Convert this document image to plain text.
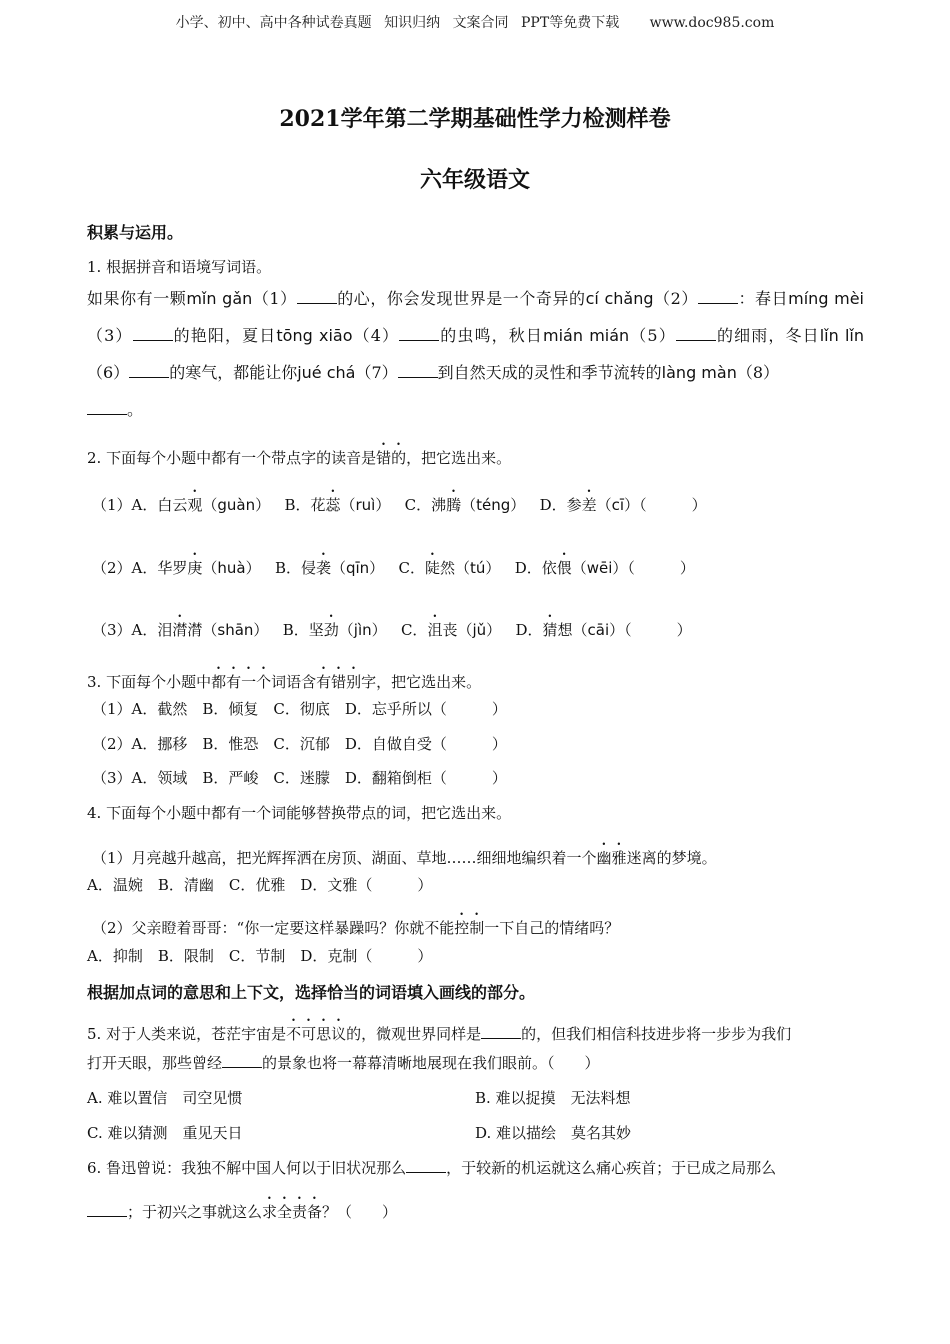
小学、初中、高中各种试卷真题 知识归纳 文案合同 PPT等免费下载 www.doc985.com
2021学年第二学期基础性学力检测样卷
六年级语文
积累与运用。
1. 根据拼音和语境写词语。
如果你有一颗mǐn gǎn（1）	的心，你会发现世界是一个奇异的cí chǎng（2）	：春日míng mèi（3）	的艳阳，夏日tōng xiāo（4）	的虫鸣，秋日mián mián（5）	的细雨，冬日lǐn lǐn（6）	的寒气，都能让你jué chá（7）	到自然天成的灵性和季节流转的làng màn（8）
。
2. 下面每个小题中都有一个带点字的读音是错的，把它选出来。
（1）A．白云观（guàn） B．花蕊（ruì） C．沸腾（téng） D．参差（cī）（　　　）
（2）A．华罗庚（huà） B．侵袭（qīn） C．陡然（tú） D．依偎（wēi）（　　　）
（3）A．泪潸潸（shān） B．坚劲（jìn） C．沮丧（jǔ） D．猜想（cāi）（　　　）
3. 下面每个小题中都有一个词语含有错别字，把它选出来。
（1）A．截然　B．倾复　C．彻底　D．忘乎所以（　　　）
（2）A．挪移　B．惟恐　C．沉郁　D．自做自受（　　　）
（3）A．领域　B．严峻　C．迷朦　D．翻箱倒柜（　　　）
4. 下面每个小题中都有一个词能够替换带点的词，把它选出来。
（1）月亮越升越高，把光辉挥洒在房顶、湖面、草地……细细地编织着一个幽雅迷离的梦境。
A．温婉　B．清幽　C．优雅　D．文雅（　　　）
（2）父亲瞪着哥哥：“你一定要这样暴躁吗？你就不能控制一下自己的情绪吗？
A．抑制　B．限制　C．节制　D．克制（　　　）
根据加点词的意思和上下文，选择恰当的词语填入画线的部分。
5. 对于人类来说，苍茫宇宙是不可思议的，微观世界同样是	的，但我们相信科技进步将一步步为我们
打开天眼，那些曾经	的景象也将一幕幕清晰地展现在我们眼前。（　　）
A. 难以置信　司空见惯	B. 难以捉摸　无法料想
C. 难以猜测　重见天日	D. 难以描绘　莫名其妙
6. 鲁迅曾说：我独不解中国人何以于旧状况那么	，于较新的机运就这么痛心疾首；于已成之局那么
；于初兴之事就这么求全责备？（　　）
